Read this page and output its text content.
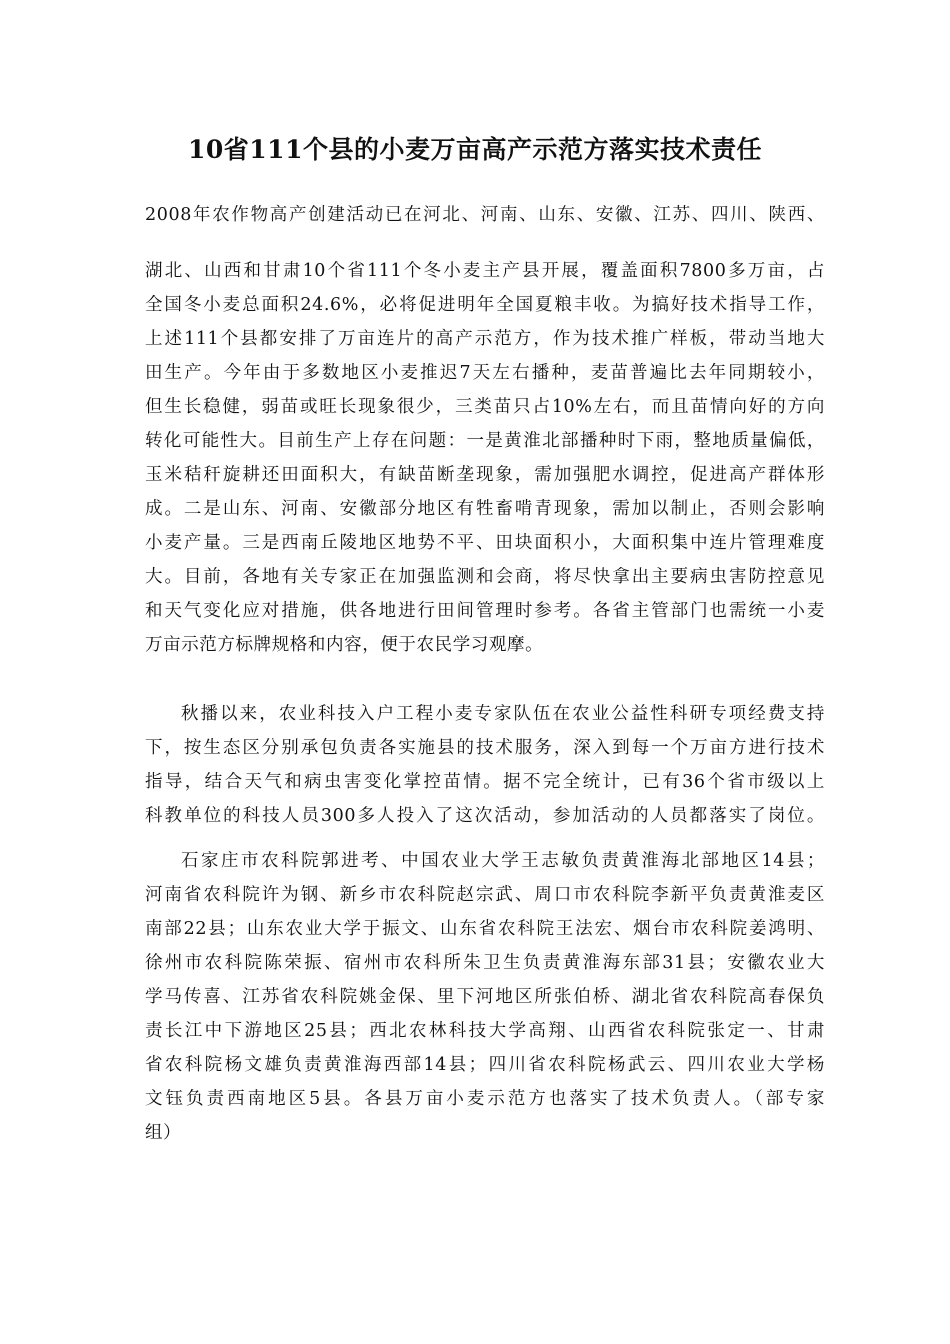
10省111个县的小麦万亩高产示范方落实技术责任

2008年农作物高产创建活动已在河北、河南、山东、安徽、江苏、四川、陕西、

湖北、山西和甘肃10个省111个冬小麦主产县开展，覆盖面积7800多万亩，占

全国冬小麦总面积24.6%，必将促进明年全国夏粮丰收。为搞好技术指导工作，

上述111个县都安排了万亩连片的高产示范方，作为技术推广样板，带动当地大

田生产。今年由于多数地区小麦推迟7天左右播种，麦苗普遍比去年同期较小，

但生长稳健，弱苗或旺长现象很少，三类苗只占10%左右，而且苗情向好的方向

转化可能性大。目前生产上存在问题：一是黄淮北部播种时下雨，整地质量偏低，

玉米秸秆旋耕还田面积大，有缺苗断垄现象，需加强肥水调控，促进高产群体形

成。二是山东、河南、安徽部分地区有牲畜啃青现象，需加以制止，否则会影响

小麦产量。三是西南丘陵地区地势不平、田块面积小，大面积集中连片管理难度

大。目前，各地有关专家正在加强监测和会商，将尽快拿出主要病虫害防控意见

和天气变化应对措施，供各地进行田间管理时参考。各省主管部门也需统一小麦

万亩示范方标牌规格和内容，便于农民学习观摩。

秋播以来，农业科技入户工程小麦专家队伍在农业公益性科研专项经费支持

下，按生态区分别承包负责各实施县的技术服务，深入到每一个万亩方进行技术

指导，结合天气和病虫害变化掌控苗情。据不完全统计，已有36个省市级以上

科教单位的科技人员300多人投入了这次活动，参加活动的人员都落实了岗位。

石家庄市农科院郭进考、中国农业大学王志敏负责黄淮海北部地区14县；

河南省农科院许为钢、新乡市农科院赵宗武、周口市农科院李新平负责黄淮麦区

南部22县；山东农业大学于振文、山东省农科院王法宏、烟台市农科院姜鸿明、

徐州市农科院陈荣振、宿州市农科所朱卫生负责黄淮海东部31县；安徽农业大

学马传喜、江苏省农科院姚金保、里下河地区所张伯桥、湖北省农科院高春保负

责长江中下游地区25县；西北农林科技大学高翔、山西省农科院张定一、甘肃

省农科院杨文雄负责黄淮海西部14县；四川省农科院杨武云、四川农业大学杨

文钰负责西南地区5县。各县万亩小麦示范方也落实了技术负责人。（部专家

组）
